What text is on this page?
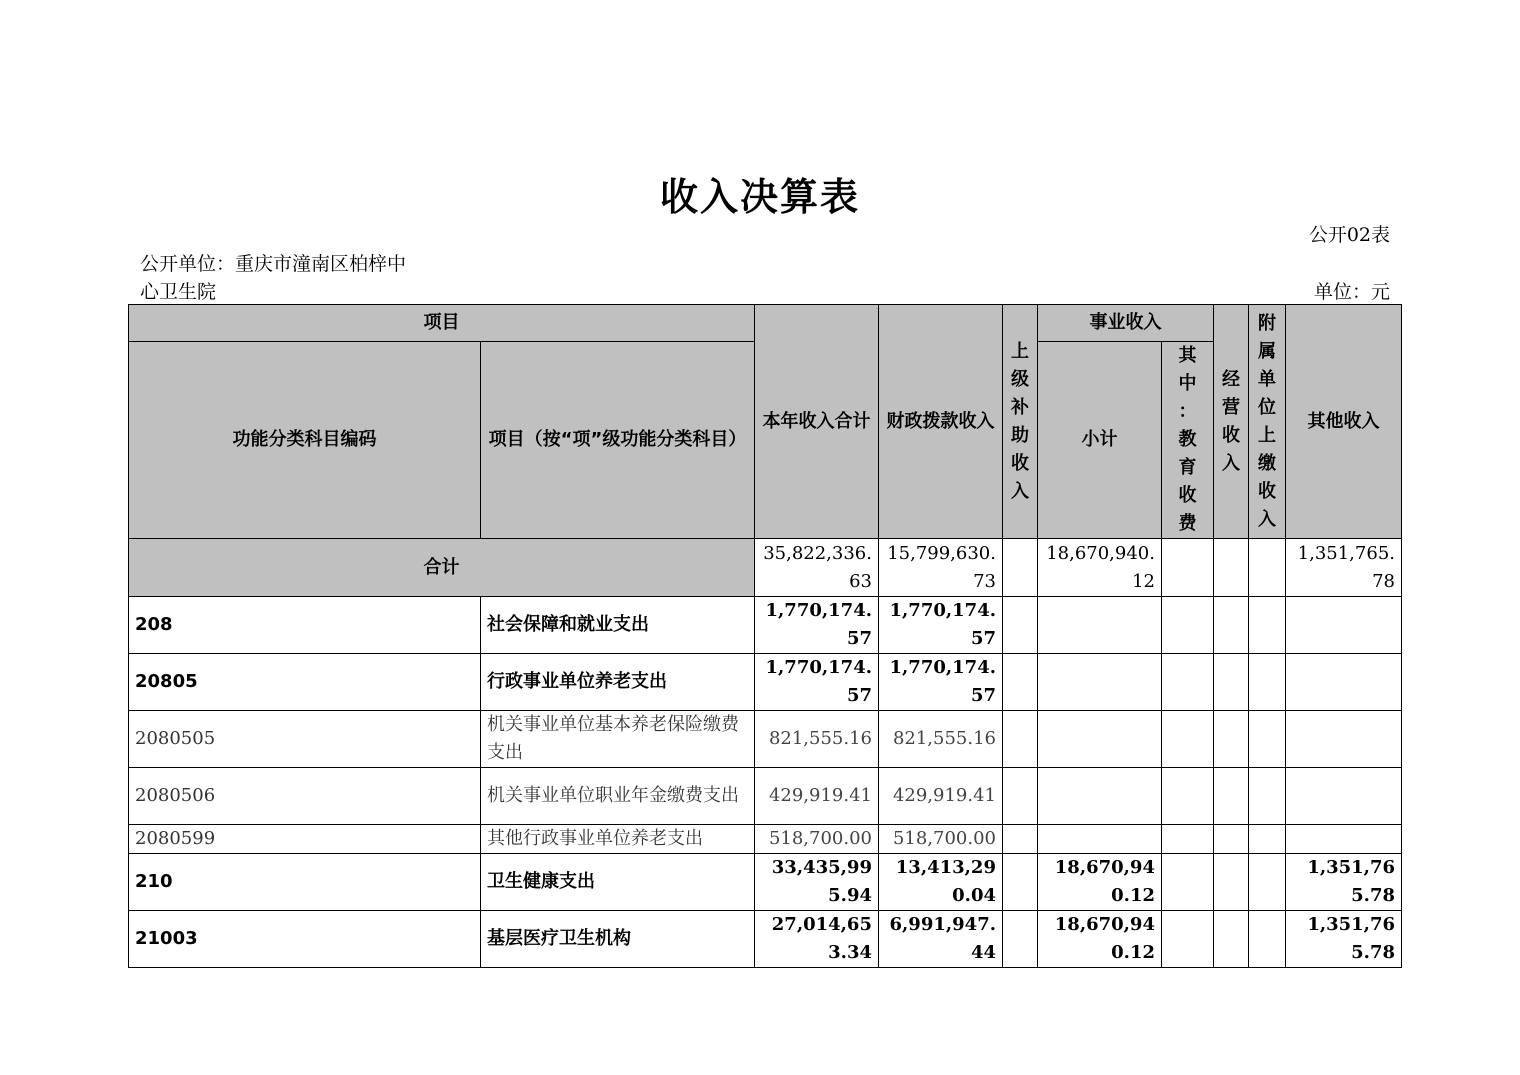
收入决算表
公开02表
公开单位：重庆市潼南区柏梓中
心卫生院	单位：元
项目		本年收入合计	财政拨款收入	上级补助收入	事业收入		经营收入	附属单位上缴收入	其他收入
功能分类科目编码	项目（按“项”级功能分类科目）				小计	其中：教育收费			

合计		35,822,336.63	15,799,630.73		18,670,940.12				1,351,765.78
208	社会保障和就业支出	1,770,174.57	1,770,174.57						
20805	行政事业单位养老支出	1,770,174.57	1,770,174.57						
2080505	机关事业单位基本养老保险缴费支出	821,555.16	821,555.16						
2080506	机关事业单位职业年金缴费支出	429,919.41	429,919.41						
2080599	其他行政事业单位养老支出	518,700.00	518,700.00						
210	卫生健康支出	33,435,995.94	13,413,290.04		18,670,940.12				1,351,765.78
21003	基层医疗卫生机构	27,014,653.34	6,991,947.44		18,670,940.12				1,351,765.78
